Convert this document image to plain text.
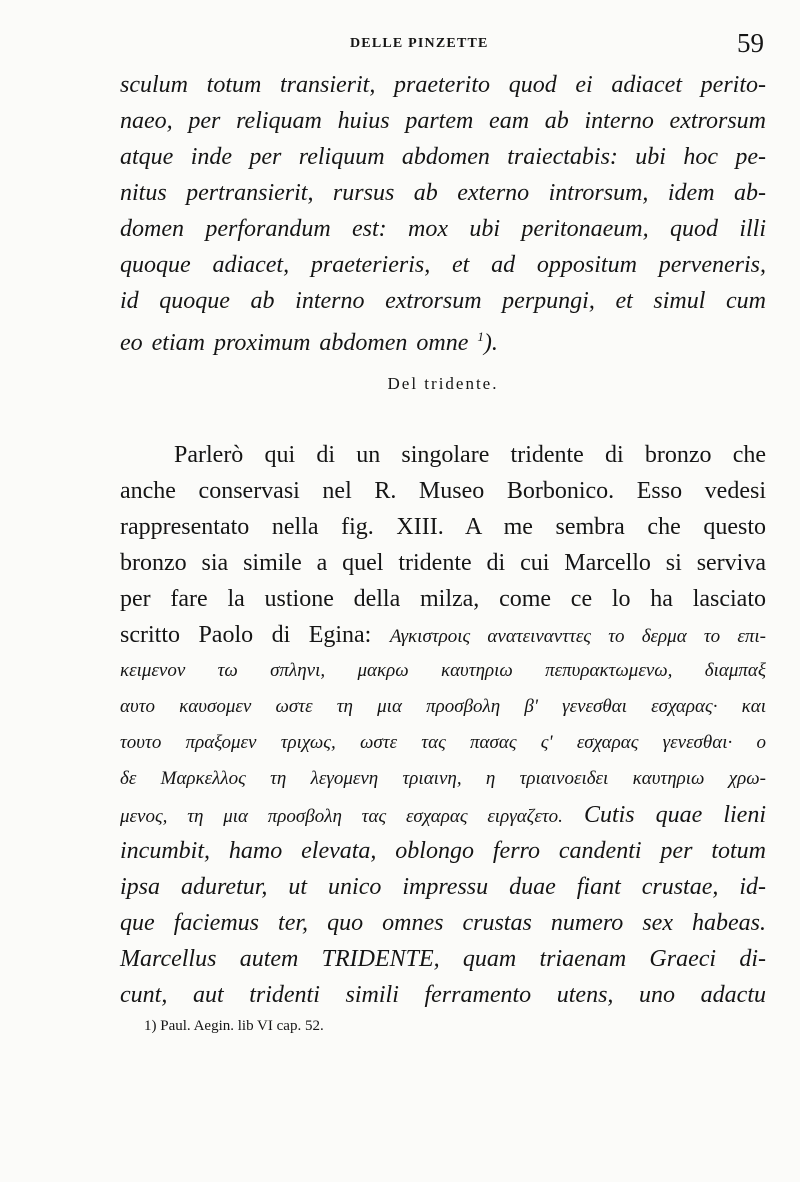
DELLE PINZETTE	59
sculum totum transierit, praeterito quod ei adiacet perito-
naeo, per reliquam huius partem eam ab interno extrorsum
atque inde per reliquum abdomen traiectabis: ubi hoc pe-
nitus pertransierit, rursus ab externo introrsum, idem ab-
domen perforandum est: mox ubi peritonaeum, quod illi
quoque adiacet, praeterieris, et ad oppositum perveneris,
id quoque ab interno extrorsum perpungi, et simul cum
eo etiam proximum abdomen omne $^1$).
Del tridente.
Parlerò qui di un singolare tridente di bronzo che
anche conservasi nel R. Museo Borbonico. Esso vedesi
rappresentato nella fig. XIII. A me sembra che questo
bronzo sia simile a quel tridente di cui Marcello si serviva
per fare la ustione della milza, come ce lo ha lasciato
scritto Paolo di Egina: Αγκιστροις ανατεινανττες το δερμα το επι-
κειμενον τω σπληνι, μακρω καυτηριω πεπυρακτωμενω, διαμπαξ
αυτο καυσομεν ωστε τη μια προσβολη β' γενεσθαι εσχαρας· και
τουτο πραξομεν τριχως, ωστε τας πασας ς' εσχαρας γενεσθαι· ο
δε Μαρκελλος τη λεγομενη τριαινη, η τριαινοειδει καυτηριω χρω-
μενος, τη μια προσβολη τας εσχαρας ειργαζετο. Cutis quae lieni
incumbit, hamo elevata, oblongo ferro candenti per totum
ipsa aduretur, ut unico impressu duae fiant crustae, id-
que faciemus ter, quo omnes crustas numero sex habeas.
Marcellus autem TRIDENTE, quam triaenam Graeci di-
cunt, aut tridenti simili ferramento utens, uno adactu
1) Paul. Aegin. lib VI cap. 52.
